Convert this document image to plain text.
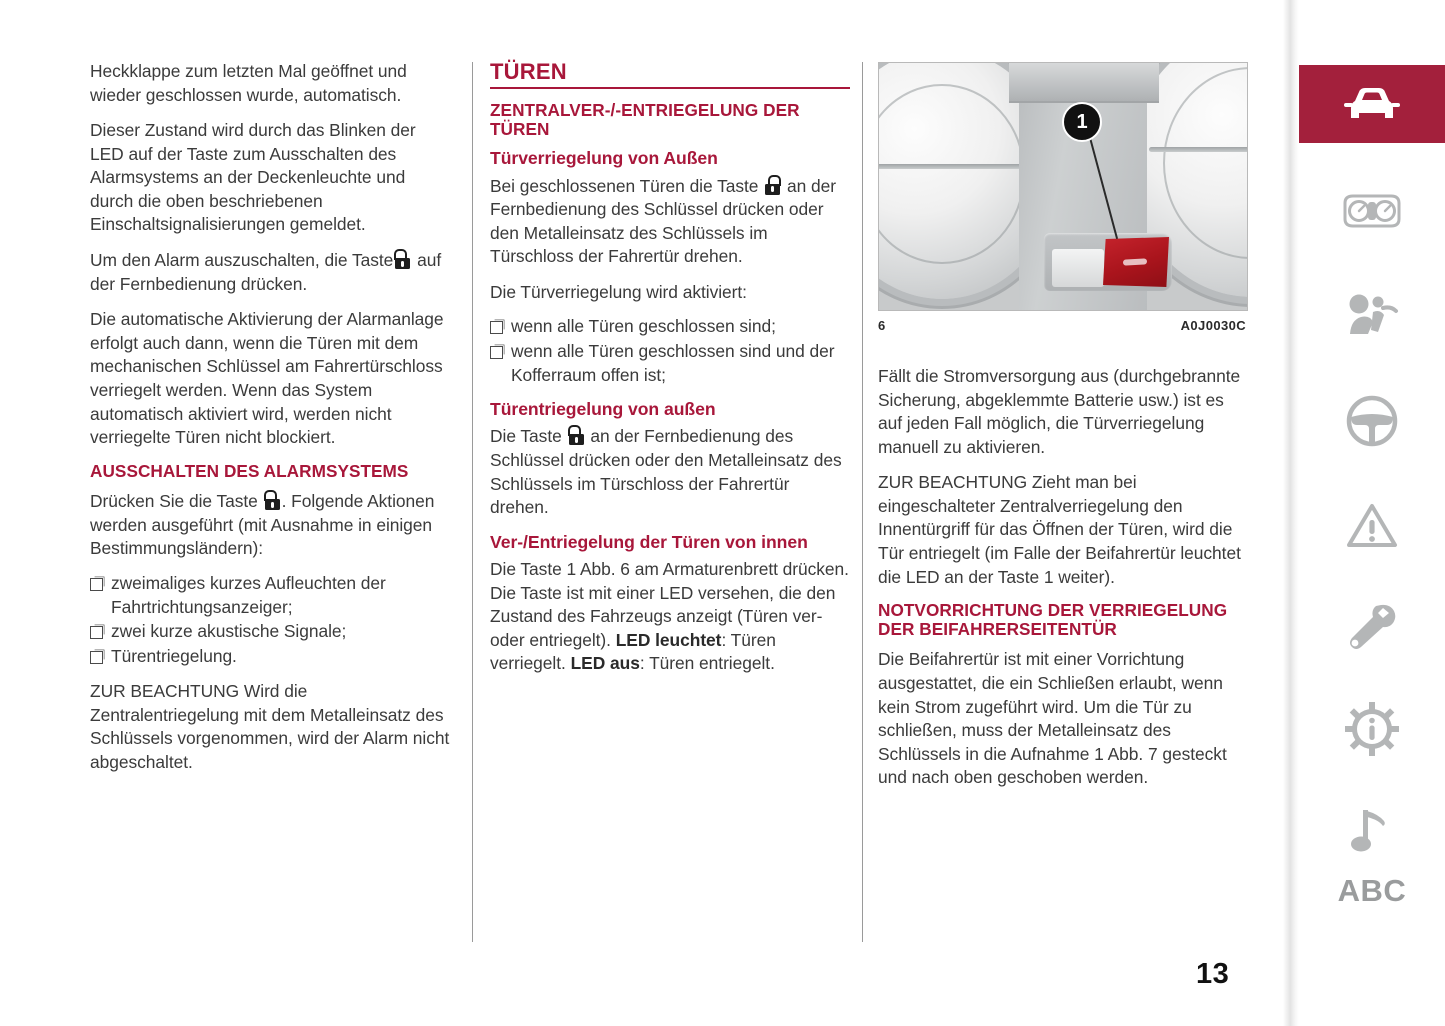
Heckklappe zum letzten Mal geöffnet und wieder geschlossen wurde, automatisch.

Dieser Zustand wird durch das Blinken der LED auf der Taste zum Ausschalten des Alarmsystems an der Deckenleuchte und durch die oben beschriebenen Einschaltsignalisierungen gemeldet.

Um den Alarm auszuschalten, die Taste auf der Fernbedienung drücken.

Die automatische Aktivierung der Alarmanlage erfolgt auch dann, wenn die Türen mit dem mechanischen Schlüssel am Fahrertürschloss verriegelt werden. Wenn das System automatisch aktiviert wird, werden nicht verriegelte Türen nicht blockiert.

AUSSCHALTEN DES ALARMSYSTEMS

Drücken Sie die Taste . Folgende Aktionen werden ausgeführt (mit Ausnahme in einigen Bestimmungsländern):

zweimaliges kurzes Aufleuchten der Fahrtrichtungsanzeiger;
zwei kurze akustische Signale;
Türentriegelung.

ZUR BEACHTUNG Wird die Zentralentriegelung mit dem Metalleinsatz des Schlüssels vorgenommen, wird der Alarm nicht abgeschaltet.

TÜREN
ZENTRALVER-/-ENTRIEGELUNG DER TÜREN
Türverriegelung von Außen

Bei geschlossenen Türen die Taste an der Fernbedienung des Schlüssel drücken oder den Metalleinsatz des Schlüssels im Türschloss der Fahrertür drehen.

Die Türverriegelung wird aktiviert:

wenn alle Türen geschlossen sind;
wenn alle Türen geschlossen sind und der Kofferraum offen ist;
Türentriegelung von außen

Die Taste an der Fernbedienung des Schlüssel drücken oder den Metalleinsatz des Schlüssels im Türschloss der Fahrertür drehen.

Ver-/Entriegelung der Türen von innen

Die Taste 1 Abb. 6 am Armaturenbrett drücken. Die Taste ist mit einer LED versehen, die den Zustand des Fahrzeugs anzeigt (Türen ver- oder entriegelt). LED leuchtet: Türen verriegelt. LED aus: Türen entriegelt.

1
6	A0J0030C

Fällt die Stromversorgung aus (durchgebrannte Sicherung, abgeklemmte Batterie usw.) ist es auf jeden Fall möglich, die Türverriegelung manuell zu aktivieren.

ZUR BEACHTUNG Zieht man bei eingeschalteter Zentralverriegelung den Innentürgriff für das Öffnen der Türen, wird die Tür entriegelt (im Falle der Beifahrertür leuchtet die LED an der Taste 1 weiter).

NOTVORRICHTUNG DER VERRIEGELUNG DER BEIFAHRERSEITENTÜR

Die Beifahrertür ist mit einer Vorrichtung ausgestattet, die ein Schließen erlaubt, wenn kein Strom zugeführt wird. Um die Tür zu schließen, muss der Metalleinsatz des Schlüssels in die Aufnahme 1 Abb. 7 gesteckt und nach oben geschoben werden.

13
ABC
